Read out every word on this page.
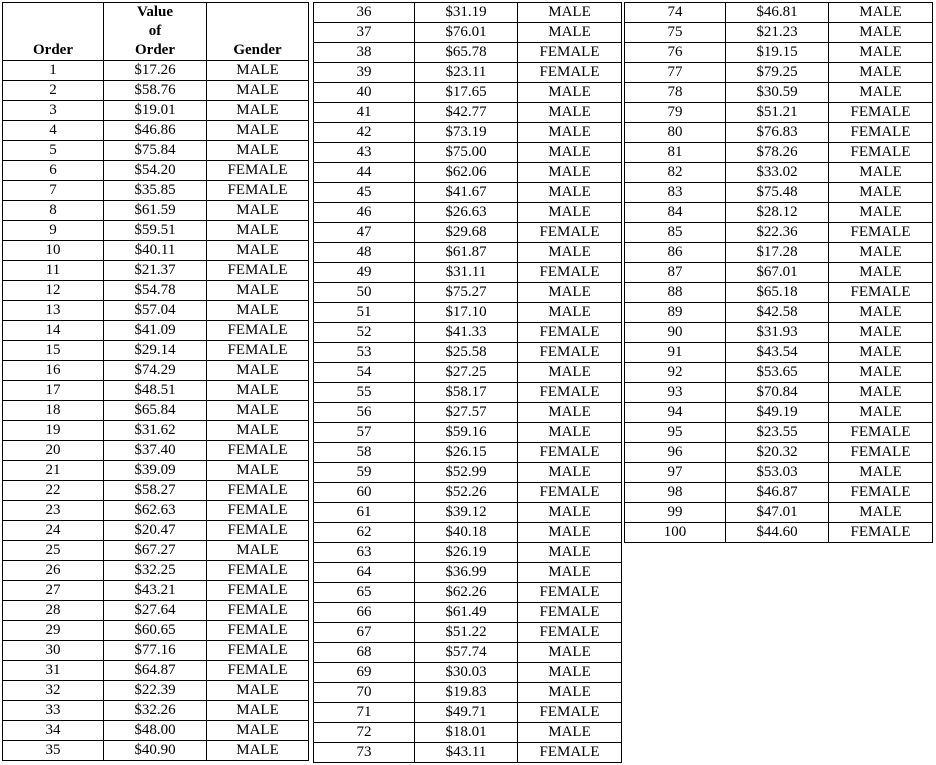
Order	Value of Order	Gender
1	$17.26	MALE
2	$58.76	MALE
3	$19.01	MALE
4	$46.86	MALE
5	$75.84	MALE
6	$54.20	FEMALE
7	$35.85	FEMALE
8	$61.59	MALE
9	$59.51	MALE
10	$40.11	MALE
11	$21.37	FEMALE
12	$54.78	MALE
13	$57.04	MALE
14	$41.09	FEMALE
15	$29.14	FEMALE
16	$74.29	MALE
17	$48.51	MALE
18	$65.84	MALE
19	$31.62	MALE
20	$37.40	FEMALE
21	$39.09	MALE
22	$58.27	FEMALE
23	$62.63	FEMALE
24	$20.47	FEMALE
25	$67.27	MALE
26	$32.25	FEMALE
27	$43.21	FEMALE
28	$27.64	FEMALE
29	$60.65	FEMALE
30	$77.16	FEMALE
31	$64.87	FEMALE
32	$22.39	MALE
33	$32.26	MALE
34	$48.00	MALE
35	$40.90	MALE
36	$31.19	MALE
37	$76.01	MALE
38	$65.78	FEMALE
39	$23.11	FEMALE
40	$17.65	MALE
41	$42.77	MALE
42	$73.19	MALE
43	$75.00	MALE
44	$62.06	MALE
45	$41.67	MALE
46	$26.63	MALE
47	$29.68	FEMALE
48	$61.87	MALE
49	$31.11	FEMALE
50	$75.27	MALE
51	$17.10	MALE
52	$41.33	FEMALE
53	$25.58	FEMALE
54	$27.25	MALE
55	$58.17	FEMALE
56	$27.57	MALE
57	$59.16	MALE
58	$26.15	FEMALE
59	$52.99	MALE
60	$52.26	FEMALE
61	$39.12	MALE
62	$40.18	MALE
63	$26.19	MALE
64	$36.99	MALE
65	$62.26	FEMALE
66	$61.49	FEMALE
67	$51.22	FEMALE
68	$57.74	MALE
69	$30.03	MALE
70	$19.83	MALE
71	$49.71	FEMALE
72	$18.01	MALE
73	$43.11	FEMALE
74	$46.81	MALE
75	$21.23	MALE
76	$19.15	MALE
77	$79.25	MALE
78	$30.59	MALE
79	$51.21	FEMALE
80	$76.83	FEMALE
81	$78.26	FEMALE
82	$33.02	MALE
83	$75.48	MALE
84	$28.12	MALE
85	$22.36	FEMALE
86	$17.28	MALE
87	$67.01	MALE
88	$65.18	FEMALE
89	$42.58	MALE
90	$31.93	MALE
91	$43.54	MALE
92	$53.65	MALE
93	$70.84	MALE
94	$49.19	MALE
95	$23.55	FEMALE
96	$20.32	FEMALE
97	$53.03	MALE
98	$46.87	FEMALE
99	$47.01	MALE
100	$44.60	FEMALE
